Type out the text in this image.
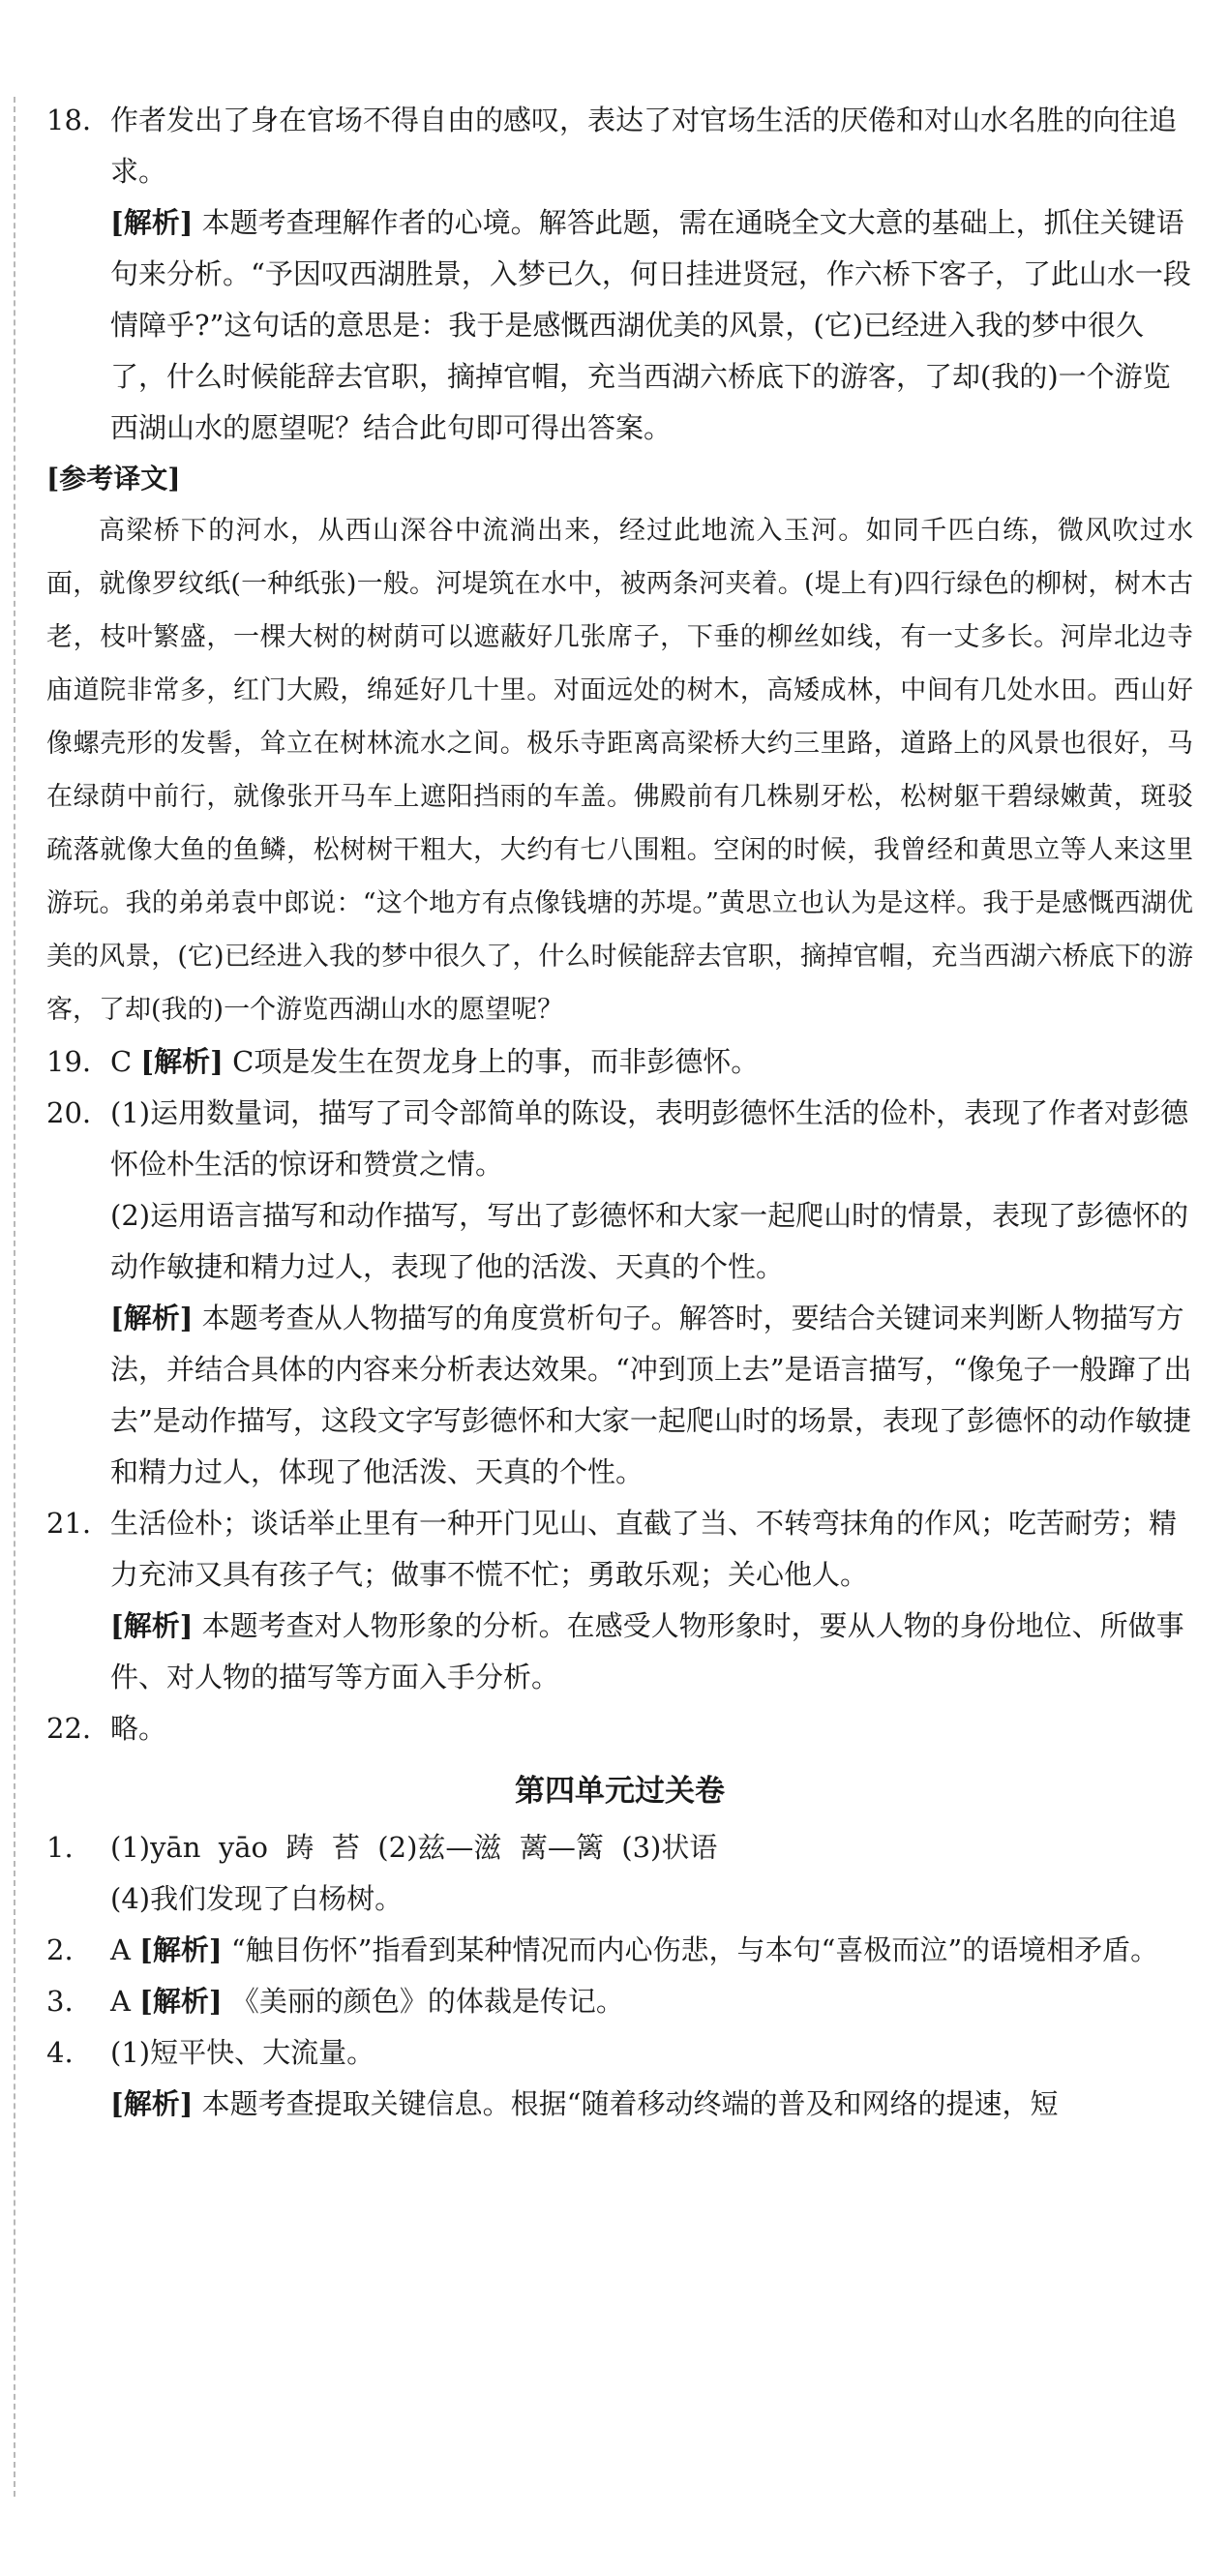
18. 作者发出了身在官场不得自由的感叹，表达了对官场生活的厌倦和对山水名胜的向往追求。
[解析] 本题考查理解作者的心境。解答此题，需在通晓全文大意的基础上，抓住关键语句来分析。“予因叹西湖胜景，入梦已久，何日挂进贤冠，作六桥下客子，了此山水一段情障乎?”这句话的意思是：我于是感慨西湖优美的风景，(它)已经进入我的梦中很久了，什么时候能辞去官职，摘掉官帽，充当西湖六桥底下的游客，了却(我的)一个游览西湖山水的愿望呢？结合此句即可得出答案。
[参考译文]

高梁桥下的河水，从西山深谷中流淌出来，经过此地流入玉河。如同千匹白练，微风吹过水面，就像罗纹纸(一种纸张)一般。河堤筑在水中，被两条河夹着。(堤上有)四行绿色的柳树，树木古老，枝叶繁盛，一棵大树的树荫可以遮蔽好几张席子，下垂的柳丝如线，有一丈多长。河岸北边寺庙道院非常多，红门大殿，绵延好几十里。对面远处的树木，高矮成林，中间有几处水田。西山好像螺壳形的发髻，耸立在树林流水之间。极乐寺距离高梁桥大约三里路，道路上的风景也很好，马在绿荫中前行，就像张开马车上遮阳挡雨的车盖。佛殿前有几株剔牙松，松树躯干碧绿嫩黄，斑驳疏落就像大鱼的鱼鳞，松树树干粗大，大约有七八围粗。空闲的时候，我曾经和黄思立等人来这里游玩。我的弟弟袁中郎说：“这个地方有点像钱塘的苏堤。”黄思立也认为是这样。我于是感慨西湖优美的风景，(它)已经进入我的梦中很久了，什么时候能辞去官职，摘掉官帽，充当西湖六桥底下的游客，了却(我的)一个游览西湖山水的愿望呢？

19. C [解析] C项是发生在贺龙身上的事，而非彭德怀。
20. (1)运用数量词，描写了司令部简单的陈设，表明彭德怀生活的俭朴，表现了作者对彭德怀俭朴生活的惊讶和赞赏之情。
(2)运用语言描写和动作描写，写出了彭德怀和大家一起爬山时的情景，表现了彭德怀的动作敏捷和精力过人，表现了他的活泼、天真的个性。
[解析] 本题考查从人物描写的角度赏析句子。解答时，要结合关键词来判断人物描写方法，并结合具体的内容来分析表达效果。“冲到顶上去”是语言描写，“像兔子一般蹿了出去”是动作描写，这段文字写彭德怀和大家一起爬山时的场景，表现了彭德怀的动作敏捷和精力过人，体现了他活泼、天真的个性。
21. 生活俭朴；谈话举止里有一种开门见山、直截了当、不转弯抹角的作风；吃苦耐劳；精力充沛又具有孩子气；做事不慌不忙；勇敢乐观；关心他人。
[解析] 本题考查对人物形象的分析。在感受人物形象时，要从人物的身份地位、所做事件、对人物的描写等方面入手分析。
22. 略。
第四单元过关卷
1. (1)yān  yāo  踌  苔  (2)兹—滋  蓠—篱  (3)状语
(4)我们发现了白杨树。
2. A [解析] “触目伤怀”指看到某种情况而内心伤悲，与本句“喜极而泣”的语境相矛盾。
3. A [解析] 《美丽的颜色》的体裁是传记。
4. (1)短平快、大流量。
[解析] 本题考查提取关键信息。根据“随着移动终端的普及和网络的提速，短
